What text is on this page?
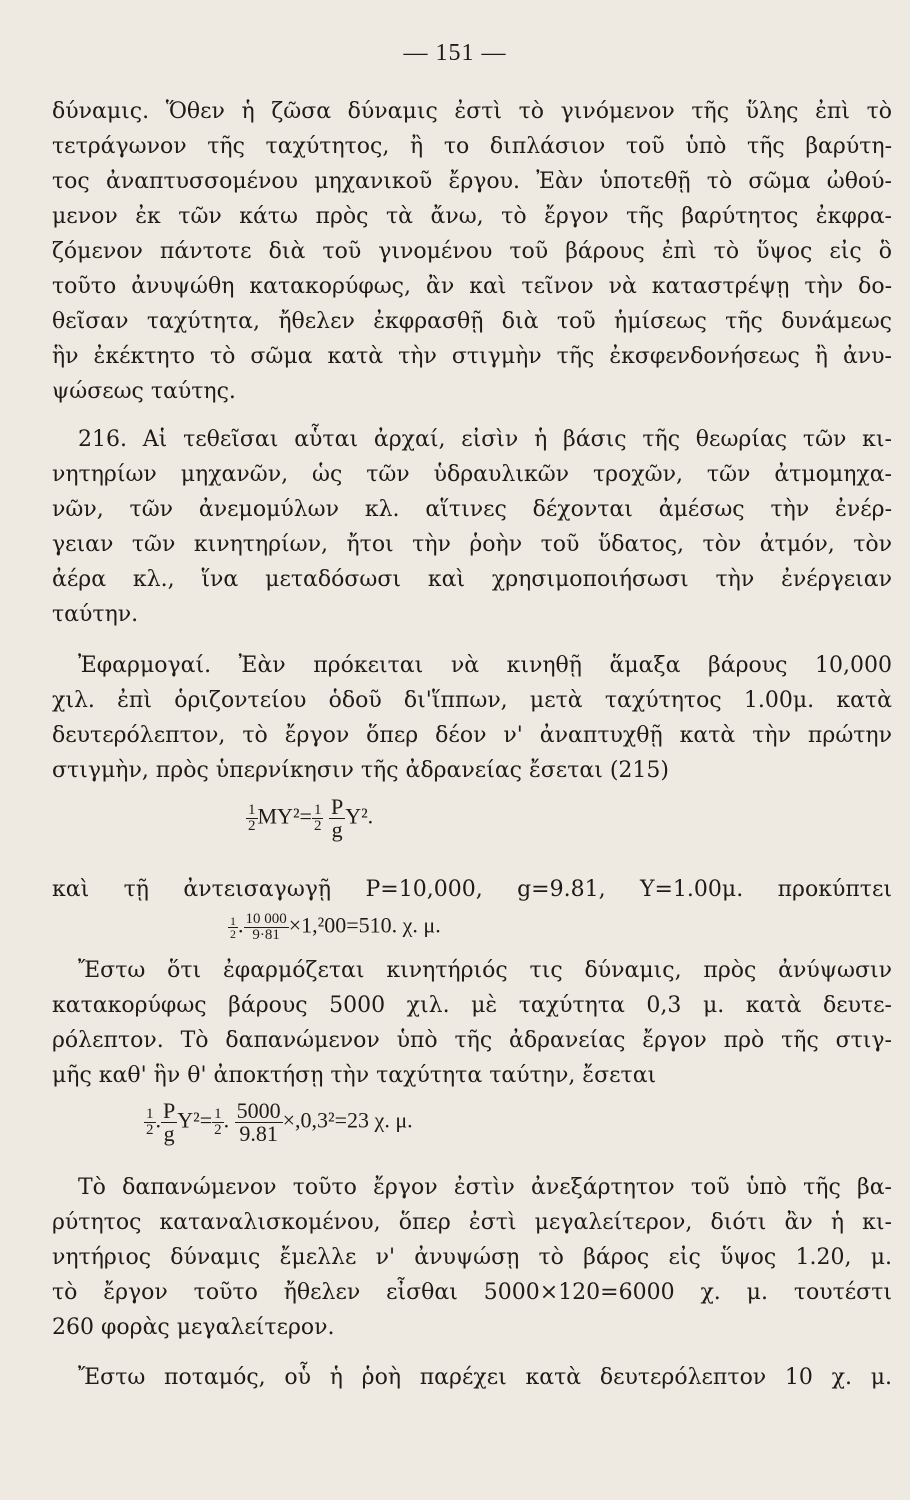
— 151 —
δύναμις. Ὅθεν ἡ ζῶσα δύναμις ἐστὶ τὸ γινόμενον τῆς ὕλης ἐπὶ τὸ
τετράγωνον τῆς ταχύτητος, ἢ το διπλάσιον τοῦ ὑπὸ τῆς βαρύτη-
τος ἀναπτυσσομένου μηχανικοῦ ἔργου. Ἐὰν ὑποτεθῇ τὸ σῶμα ὠθού-
μενον ἐκ τῶν κάτω πρὸς τὰ ἄνω, τὸ ἔργον τῆς βαρύτητος ἐκφρα-
ζόμενον πάντοτε διὰ τοῦ γινομένου τοῦ βάρους ἐπὶ τὸ ὕψος εἰς ὃ
τοῦτο ἀνυψώθη κατακορύφως, ἂν καὶ τεῖνον νὰ καταστρέψῃ τὴν δο-
θεῖσαν ταχύτητα, ἤθελεν ἐκφρασθῇ διὰ τοῦ ἡμίσεως τῆς δυνάμεως
ἣν ἐκέκτητο τὸ σῶμα κατὰ τὴν στιγμὴν τῆς ἐκσφενδονήσεως ἢ ἀνυ-
ψώσεως ταύτης.
216. Αἱ τεθεῖσαι αὗται ἀρχαί, εἰσὶν ἡ βάσις τῆς θεωρίας τῶν κι-
νητηρίων μηχανῶν, ὡς τῶν ὑδραυλικῶν τροχῶν, τῶν ἀτμομηχα-
νῶν, τῶν ἀνεμομύλων κλ. αἵτινες δέχονται ἀμέσως τὴν ἐνέρ-
γειαν τῶν κινητηρίων, ἤτοι τὴν ῥοὴν τοῦ ὕδατος, τὸν ἀτμόν, τὸν
ἀέρα κλ., ἵνα μεταδόσωσι καὶ χρησιμοποιήσωσι τὴν ἐνέργειαν
ταύτην.
Ἐφαρμογαί. Ἐὰν πρόκειται νὰ κινηθῇ ἅμαξα βάρους 10,000
χιλ. ἐπὶ ὁριζοντείου ὁδοῦ δι'ἵππων, μετὰ ταχύτητος 1.00μ. κατὰ
δευτερόλεπτον, τὸ ἔργον ὅπερ δέον ν' ἀναπτυχθῇ κατὰ τὴν πρώτην
στιγμὴν, πρὸς ὑπερνίκησιν τῆς ἀδρανείας ἔσεται (215)
$\frac{1}{2} M\Upsilon^2= \frac{1}{2}$
$\frac{P}{g} \Upsilon^2$.
καὶ τῇ ἀντεισαγωγῇ P=10,000, g=9.81, Υ=1.00μ. προκύπτει
$\frac{1}{2}$ . $\frac{10 000}{9\cdot 81} \times 1,^200=510$. χ. μ.
Ἔστω ὅτι ἐφαρμόζεται κινητήριός τις δύναμις, πρὸς ἀνύψωσιν
κατακορύφως βάρους 5000 χιλ. μὲ ταχύτητα 0,3 μ. κατὰ δευτε-
ρόλεπτον. Τὸ δαπανώμενον ὑπὸ τῆς ἀδρανείας ἔργον πρὸ τῆς στιγ-
μῆς καθ' ἣν θ' ἀποκτήσῃ τὴν ταχύτητα ταύτην, ἔσεται
$\frac{1}{2}$ . $\frac{P}{g} \Upsilon^2= \frac{1}{2}$ . $\frac{5000}{9.81} \times,0,3^2=23$ χ. μ.
Τὸ δαπανώμενον τοῦτο ἔργον ἐστὶν ἀνεξάρτητον τοῦ ὑπὸ τῆς βα-
ρύτητος καταναλισκομένου, ὅπερ ἐστὶ μεγαλείτερον, διότι ἂν ἡ κι-
νητήριος δύναμις ἔμελλε ν' ἀνυψώσῃ τὸ βάρος εἰς ὕψος 1.20, μ.
τὸ ἔργον τοῦτο ἤθελεν εἶσθαι 5000×120=6000 χ. μ. τουτέστι
260 φορὰς μεγαλείτερον.
Ἔστω ποταμός, οὗ ἡ ῥοὴ παρέχει κατὰ δευτερόλεπτον 10 χ. μ.
